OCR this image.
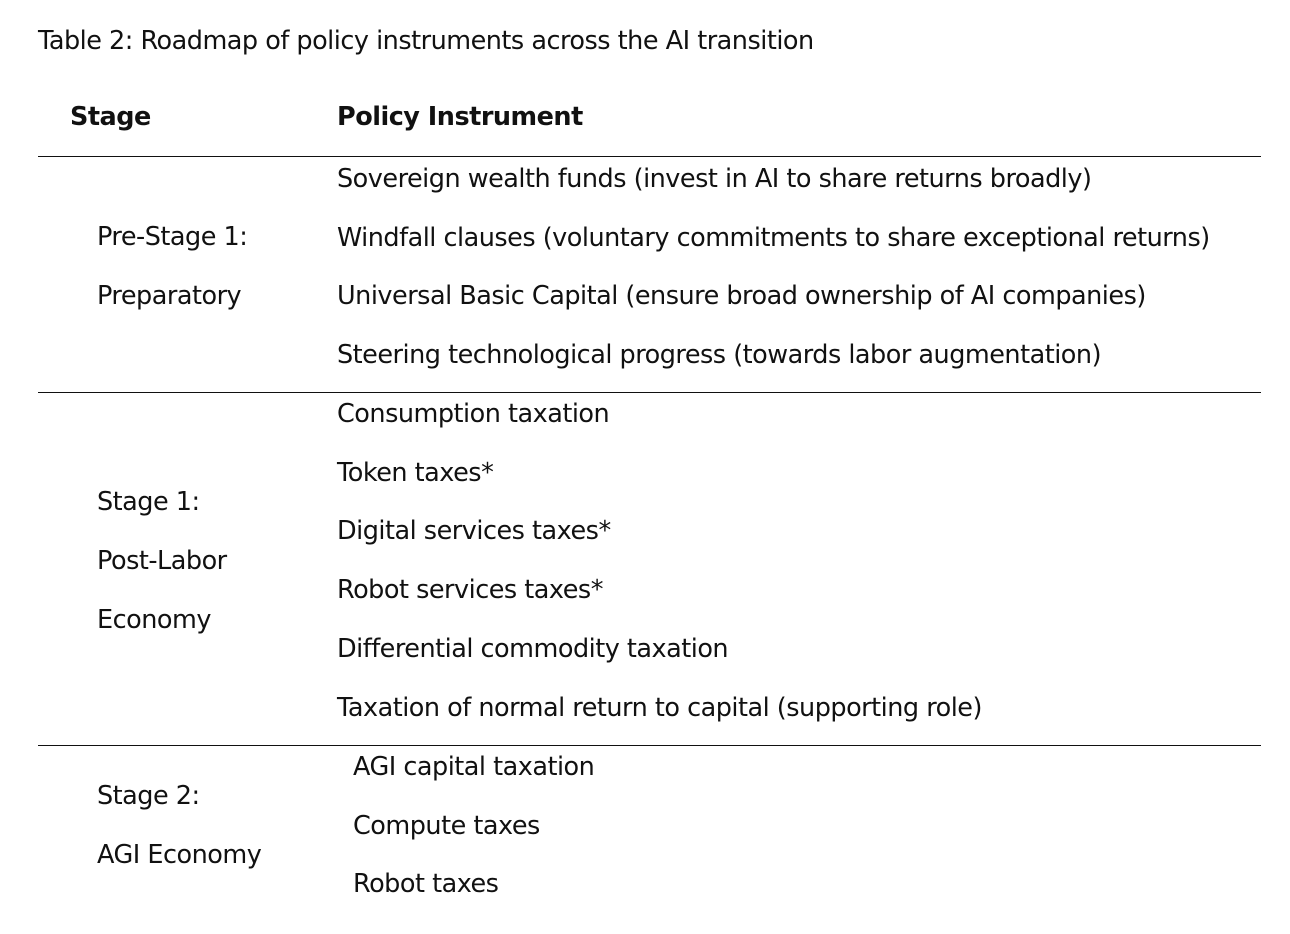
Table 2: Roadmap of policy instruments across the AI transition
Stage	Policy Instrument
Pre-Stage 1:
Preparatory
Sovereign wealth funds (invest in AI to share returns broadly)
Windfall clauses (voluntary commitments to share exceptional returns)
Universal Basic Capital (ensure broad ownership of AI companies)
Steering technological progress (towards labor augmentation)
Stage 1:
Post-Labor
Economy
Consumption taxation
Token taxes*
Digital services taxes*
Robot services taxes*
Differential commodity taxation
Taxation of normal return to capital (supporting role)
Stage 2:
AGI Economy
AGI capital taxation
Compute taxes
Robot taxes
